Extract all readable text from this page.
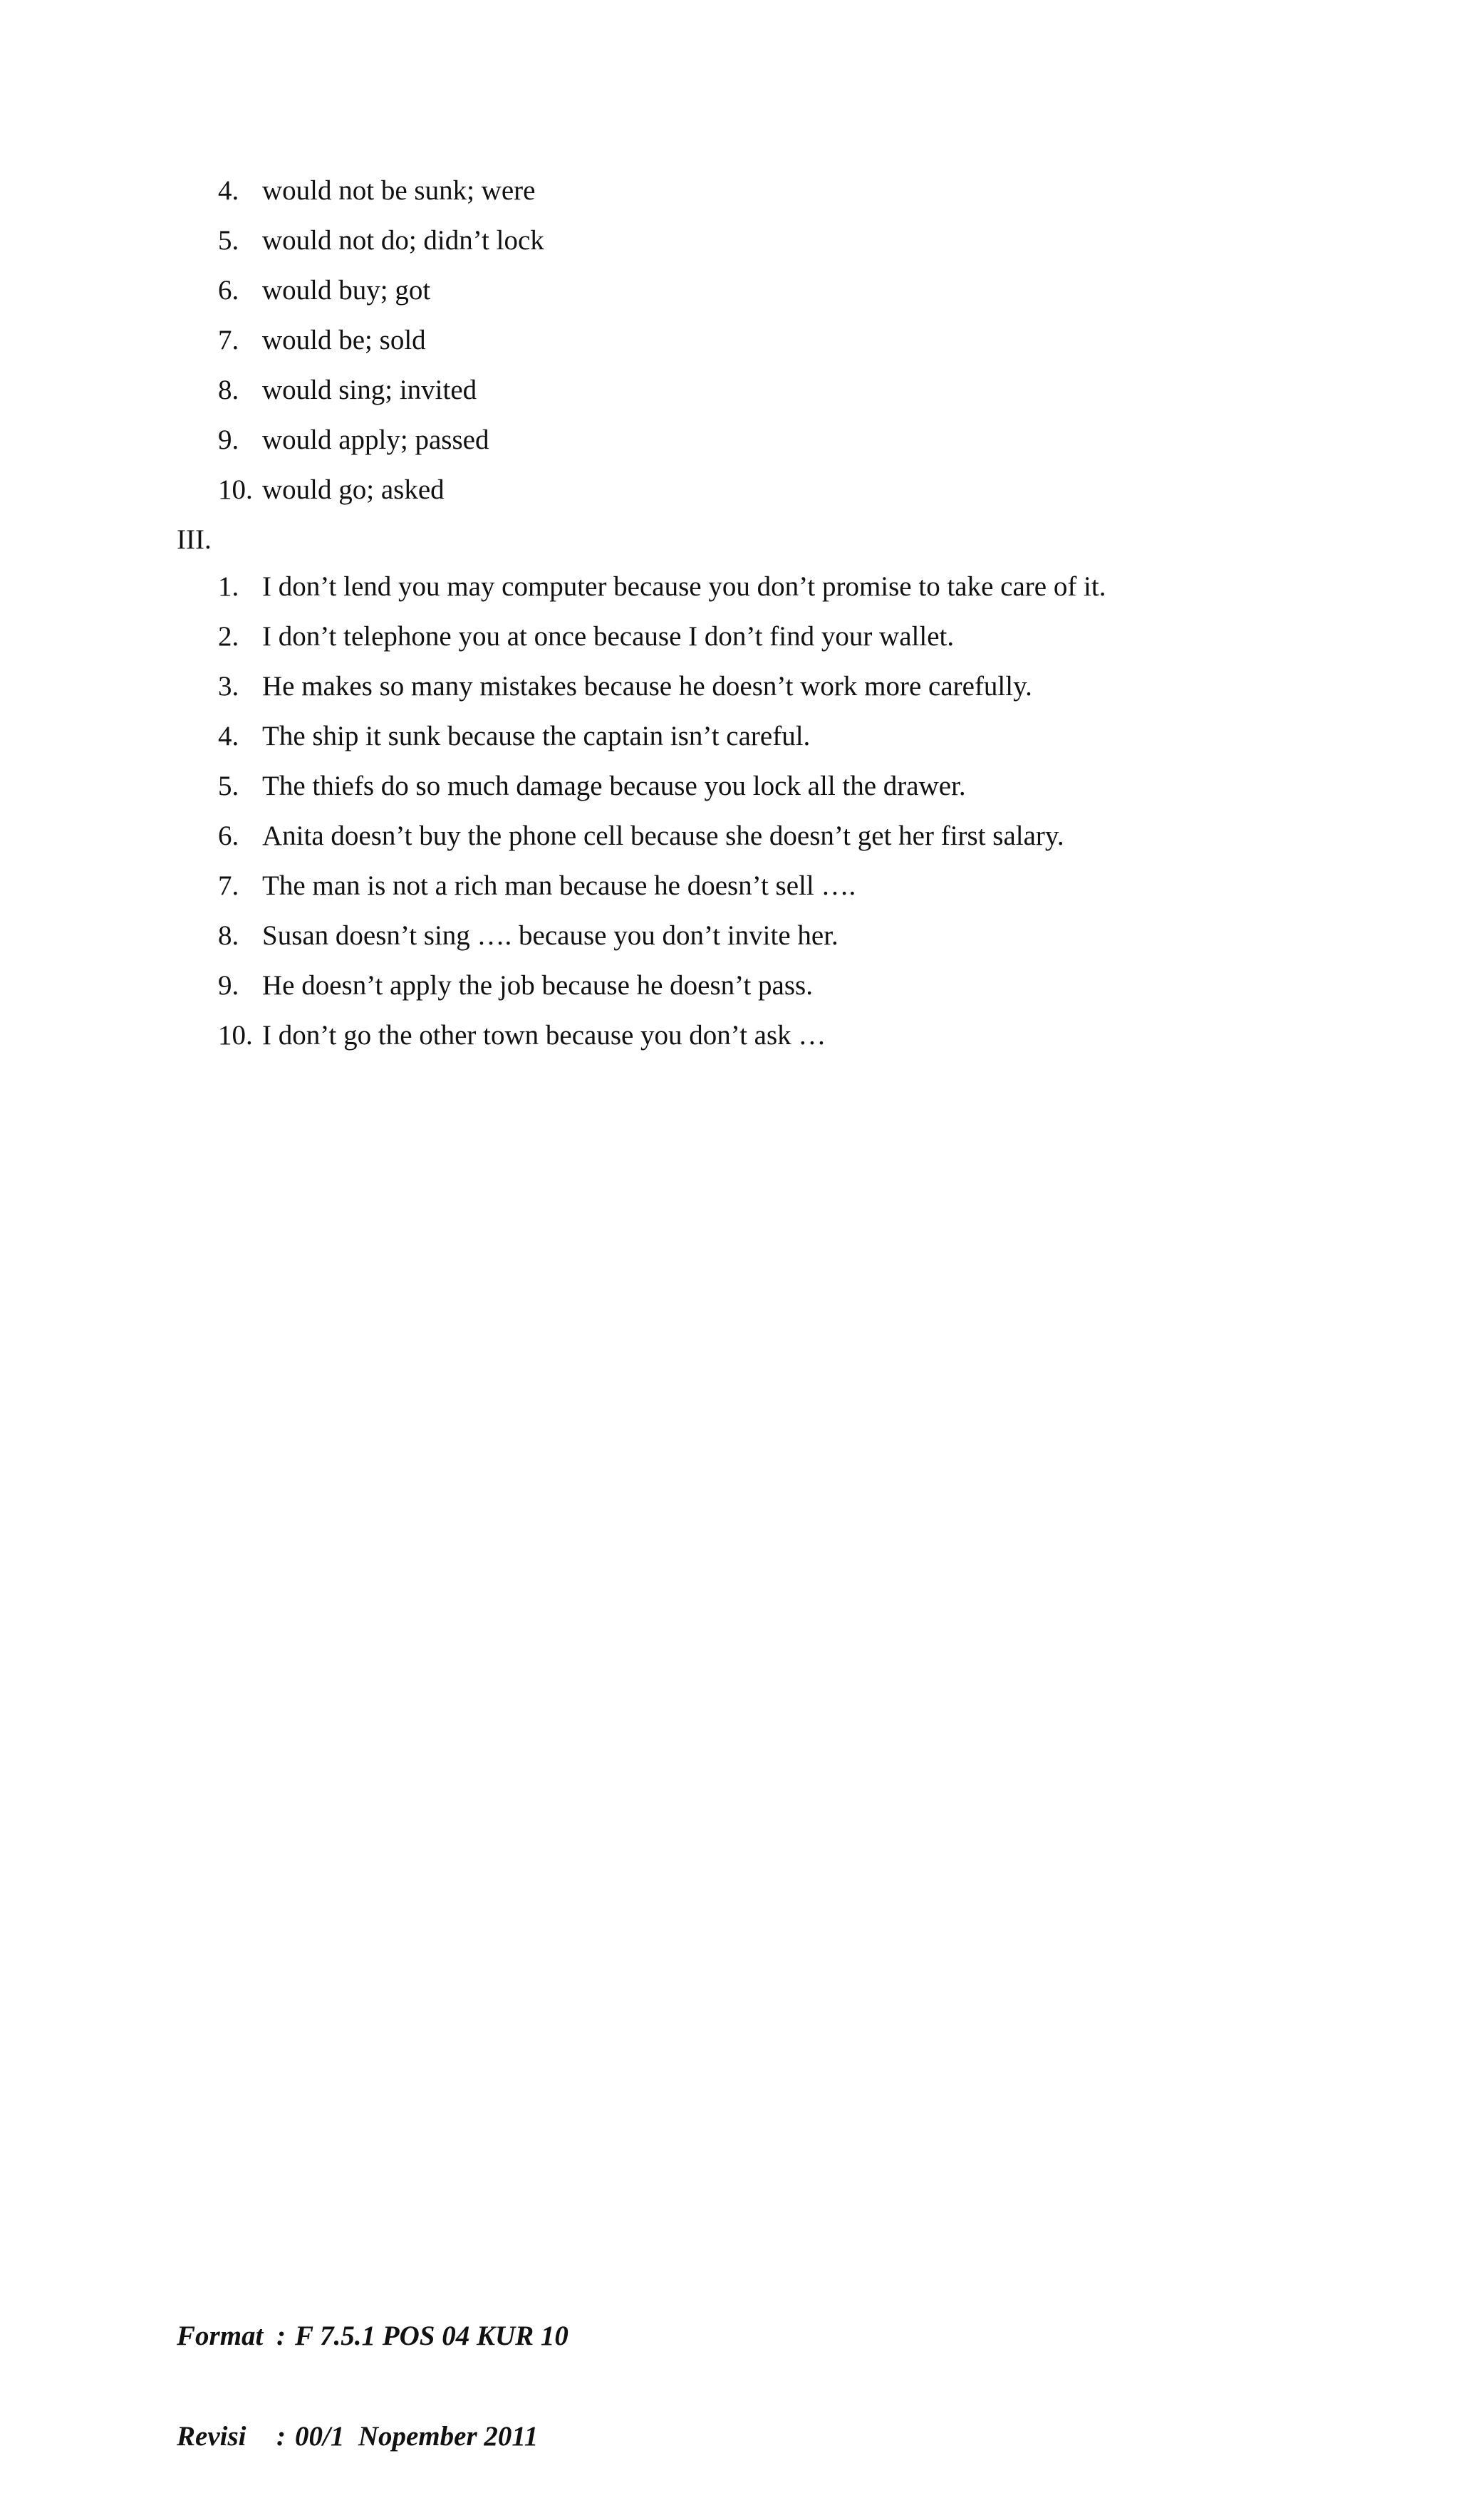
4. would not be sunk; were
5. would not do; didn’t lock
6. would buy; got
7. would be; sold
8. would sing; invited
9. would apply; passed
10. would go; asked
III.
1. I don’t lend you may computer because you don’t promise to take care of it.
2. I don’t telephone you at once because I don’t find your wallet.
3. He makes so many mistakes because he doesn’t work more carefully.
4. The ship it sunk because the captain isn’t careful.
5. The thiefs do so much damage because you lock all the drawer.
6. Anita doesn’t buy the phone cell because she doesn’t get her first salary.
7. The man is not a rich man because he doesn’t sell ….
8. Susan doesn’t sing …. because you don’t invite her.
9. He doesn’t apply the job because he doesn’t pass.
10. I don’t go the other town because you don’t ask …

Format : F 7.5.1 POS 04 KUR 10

Revisi : 00/1  Nopember 2011
